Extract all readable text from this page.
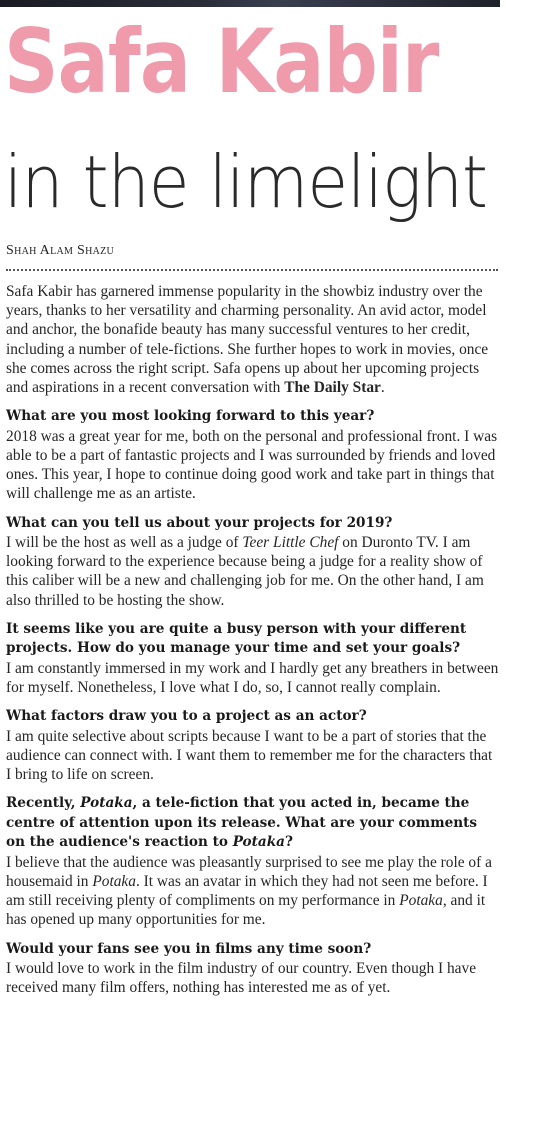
Safa Kabir
in the limelight
Shah Alam Shazu

Safa Kabir has garnered immense popularity in the showbiz industry over the years, thanks to her versatility and charming personality. An avid actor, model and anchor, the bonafide beauty has many successful ventures to her credit, including a number of tele-fictions. She further hopes to work in movies, once she comes across the right script. Safa opens up about her upcoming projects and aspirations in a recent conversation with The Daily Star.

What are you most looking forward to this year?

2018 was a great year for me, both on the personal and professional front. I was able to be a part of fantastic projects and I was surrounded by friends and loved ones. This year, I hope to continue doing good work and take part in things that will challenge me as an artiste.

What can you tell us about your projects for 2019?

I will be the host as well as a judge of Teer Little Chef on Duronto TV. I am looking forward to the experience because being a judge for a reality show of this caliber will be a new and challenging job for me. On the other hand, I am also thrilled to be hosting the show.

It seems like you are quite a busy person with your different projects. How do you manage your time and set your goals?

I am constantly immersed in my work and I hardly get any breathers in between for myself. Nonetheless, I love what I do, so, I cannot really complain.

What factors draw you to a project as an actor?

I am quite selective about scripts because I want to be a part of stories that the audience can connect with. I want them to remember me for the characters that I bring to life on screen.

Recently, Potaka, a tele-fiction that you acted in, became the centre of attention upon its release. What are your comments on the audience's reaction to Potaka?

I believe that the audience was pleasantly surprised to see me play the role of a housemaid in Potaka. It was an avatar in which they had not seen me before. I am still receiving plenty of compliments on my performance in Potaka, and it has opened up many opportunities for me.

Would your fans see you in films any time soon?

I would love to work in the film industry of our country. Even though I have received many film offers, nothing has interested me as of yet.
